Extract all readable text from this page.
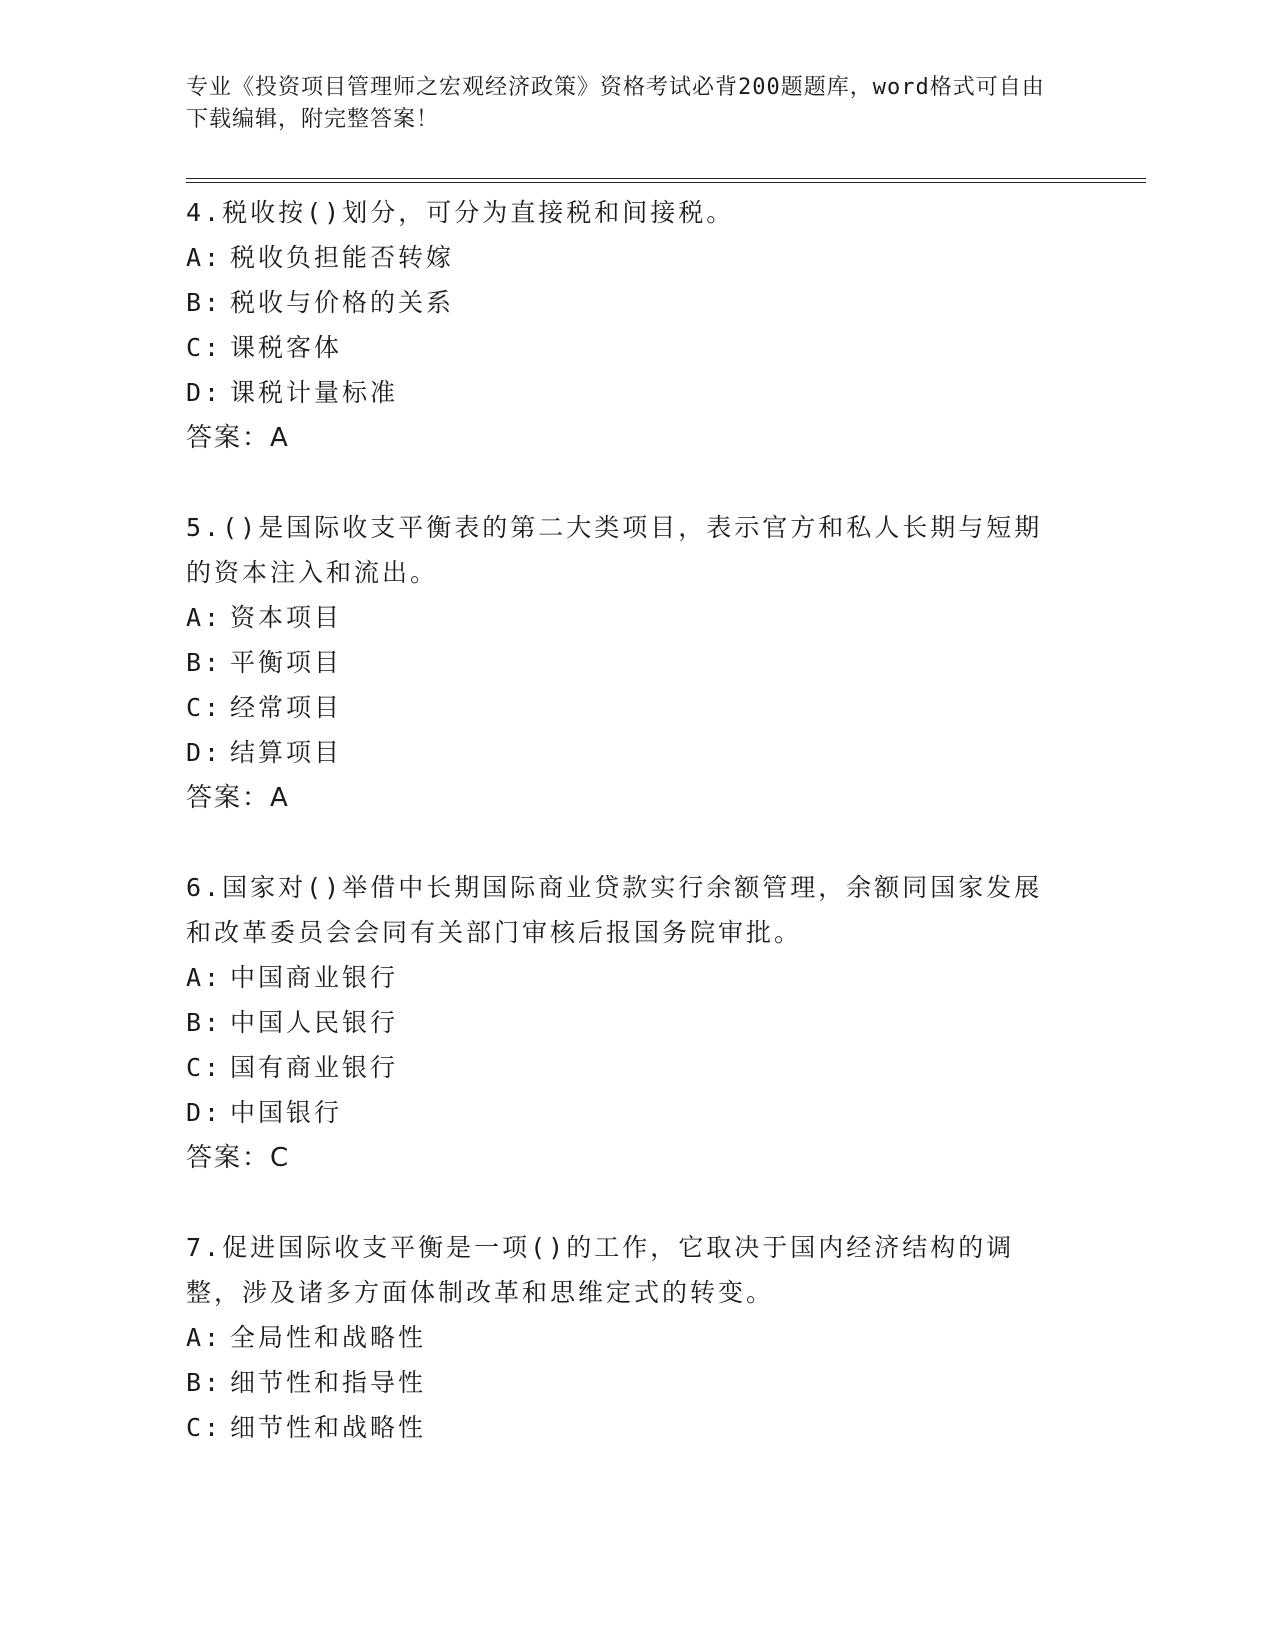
专业《投资项目管理师之宏观经济政策》资格考试必背200题题库，word格式可自由下载编辑，附完整答案！

4.税收按()划分，可分为直接税和间接税。

A: 税收负担能否转嫁

B: 税收与价格的关系

C: 课税客体

D: 课税计量标准

答案：A

5.()是国际收支平衡表的第二大类项目，表示官方和私人长期与短期的资本注入和流出。

A: 资本项目

B: 平衡项目

C: 经常项目

D: 结算项目

答案：A

6.国家对()举借中长期国际商业贷款实行余额管理，余额同国家发展和改革委员会会同有关部门审核后报国务院审批。

A: 中国商业银行

B: 中国人民银行

C: 国有商业银行

D: 中国银行

答案：C

7.促进国际收支平衡是一项()的工作，它取决于国内经济结构的调整，涉及诸多方面体制改革和思维定式的转变。

A: 全局性和战略性

B: 细节性和指导性

C: 细节性和战略性
